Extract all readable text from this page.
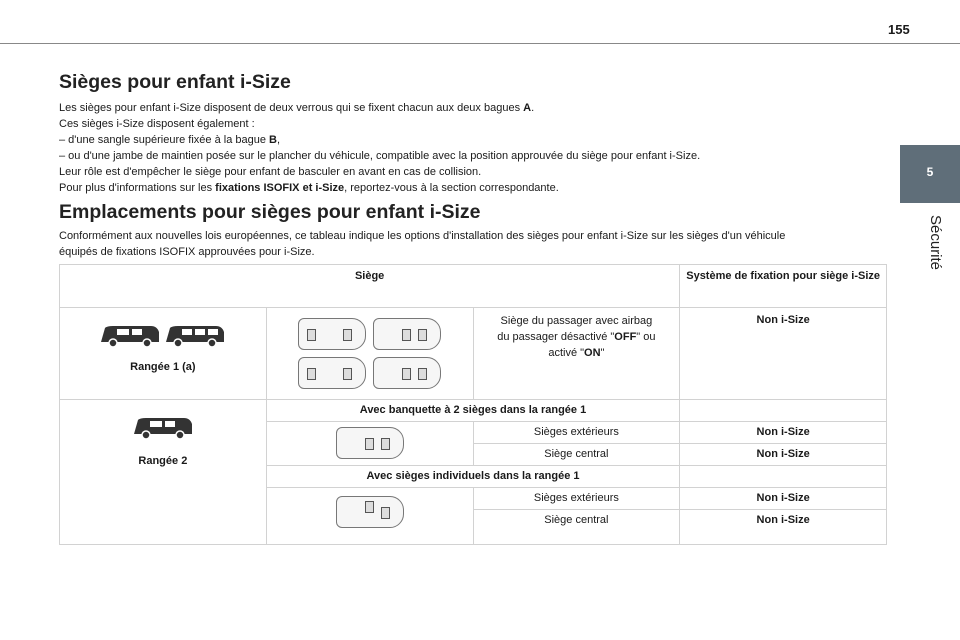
155
5
Sécurité
Sièges pour enfant i-Size
Les sièges pour enfant i-Size disposent de deux verrous qui se fixent chacun aux deux bagues A.
Ces sièges i-Size disposent également :
– d'une sangle supérieure fixée à la bague B,
– ou d'une jambe de maintien posée sur le plancher du véhicule, compatible avec la position approuvée du siège pour enfant i-Size.
Leur rôle est d'empêcher le siège pour enfant de basculer en avant en cas de collision.
Pour plus d'informations sur les fixations ISOFIX et i-Size, reportez-vous à la section correspondante.
Emplacements pour sièges pour enfant i-Size
Conformément aux nouvelles lois européennes, ce tableau indique les options d'installation des sièges pour enfant i-Size sur les sièges d'un véhicule
équipés de fixations ISOFIX approuvées pour i-Size.
Siège			Système de fixation pour siège i-Size

Rangée 1 (a)		Siège du passager avec airbag
du passager désactivé "OFF" ou
activé "ON"	Non i-Size

Rangée 2	Avec banquette à 2 sièges dans la rangée 1		

		Sièges extérieurs	Non i-Size
		Siège central	Non i-Size
	Avec sièges individuels dans la rangée 1		

		Sièges extérieurs	Non i-Size
		Siège central	Non i-Size
